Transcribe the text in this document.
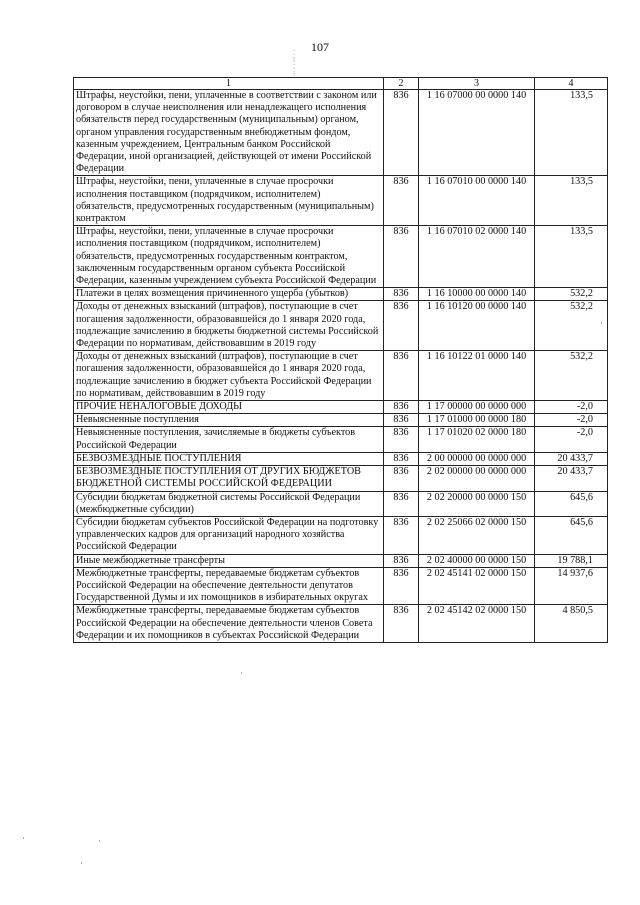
107
⁚
⁞
⁚
⁝
1	2	3	4
Штрафы, неустойки, пени, уплаченные в соответствии с законом или договором в случае неисполнения или ненадлежащего исполнения обязательств перед государственным (муниципальным) органом, органом управления государственным внебюджетным фондом, казенным учреждением, Центральным банком Российской Федерации, иной организацией, действующей от имени Российской Федерации	836	1 16 07000 00 0000 140	133,5
Штрафы, неустойки, пени, уплаченные в случае просрочки исполнения поставщиком (подрядчиком, исполнителем) обязательств, предусмотренных государственным (муниципальным) контрактом	836	1 16 07010 00 0000 140	133,5
Штрафы, неустойки, пени, уплаченные в случае просрочки исполнения поставщиком (подрядчиком, исполнителем) обязательств, предусмотренных государственным контрактом, заключенным государственным органом субъекта Российской Федерации, казенным учреждением субъекта Российской Федерации	836	1 16 07010 02 0000 140	133,5
Платежи в целях возмещения причиненного ущерба (убытков)	836	1 16 10000 00 0000 140	532,2
Доходы от денежных взысканий (штрафов), поступающие в счет погашения задолженности, образовавшейся до 1 января 2020 года, подлежащие зачислению в бюджеты бюджетной системы Российской Федерации по нормативам, действовавшим в 2019 году	836	1 16 10120 00 0000 140	532,2
Доходы от денежных взысканий (штрафов), поступающие в счет погашения задолженности, образовавшейся до 1 января 2020 года, подлежащие зачислению в бюджет субъекта Российской Федерации по нормативам, действовавшим в 2019 году	836	1 16 10122 01 0000 140	532,2
ПРОЧИЕ НЕНАЛОГОВЫЕ ДОХОДЫ	836	1 17 00000 00 0000 000	-2,0
Невыясненные поступления	836	1 17 01000 00 0000 180	-2,0
Невыясненные поступления, зачисляемые в бюджеты субъектов Российской Федерации	836	1 17 01020 02 0000 180	-2,0
БЕЗВОЗМЕЗДНЫЕ ПОСТУПЛЕНИЯ	836	2 00 00000 00 0000 000	20 433,7
БЕЗВОЗМЕЗДНЫЕ ПОСТУПЛЕНИЯ ОТ ДРУГИХ БЮДЖЕТОВ БЮДЖЕТНОЙ СИСТЕМЫ РОССИЙСКОЙ ФЕДЕРАЦИИ	836	2 02 00000 00 0000 000	20 433,7
Субсидии бюджетам бюджетной системы Российской Федерации (межбюджетные субсидии)	836	2 02 20000 00 0000 150	645,6
Субсидии бюджетам субъектов Российской Федерации на подготовку управленческих кадров для организаций народного хозяйства Российской Федерации	836	2 02 25066 02 0000 150	645,6
Иные межбюджетные трансферты	836	2 02 40000 00 0000 150	19 788,1
Межбюджетные трансферты, передаваемые бюджетам субъектов Российской Федерации на обеспечение деятельности депутатов Государственной Думы и их помощников в избирательных округах	836	2 02 45141 02 0000 150	14 937,6
Межбюджетные трансферты, передаваемые бюджетам субъектов Российской Федерации на обеспечение деятельности членов Совета Федерации и их помощников в субъектах Российской Федерации	836	2 02 45142 02 0000 150	4 850,5
·
·
·
·
·
